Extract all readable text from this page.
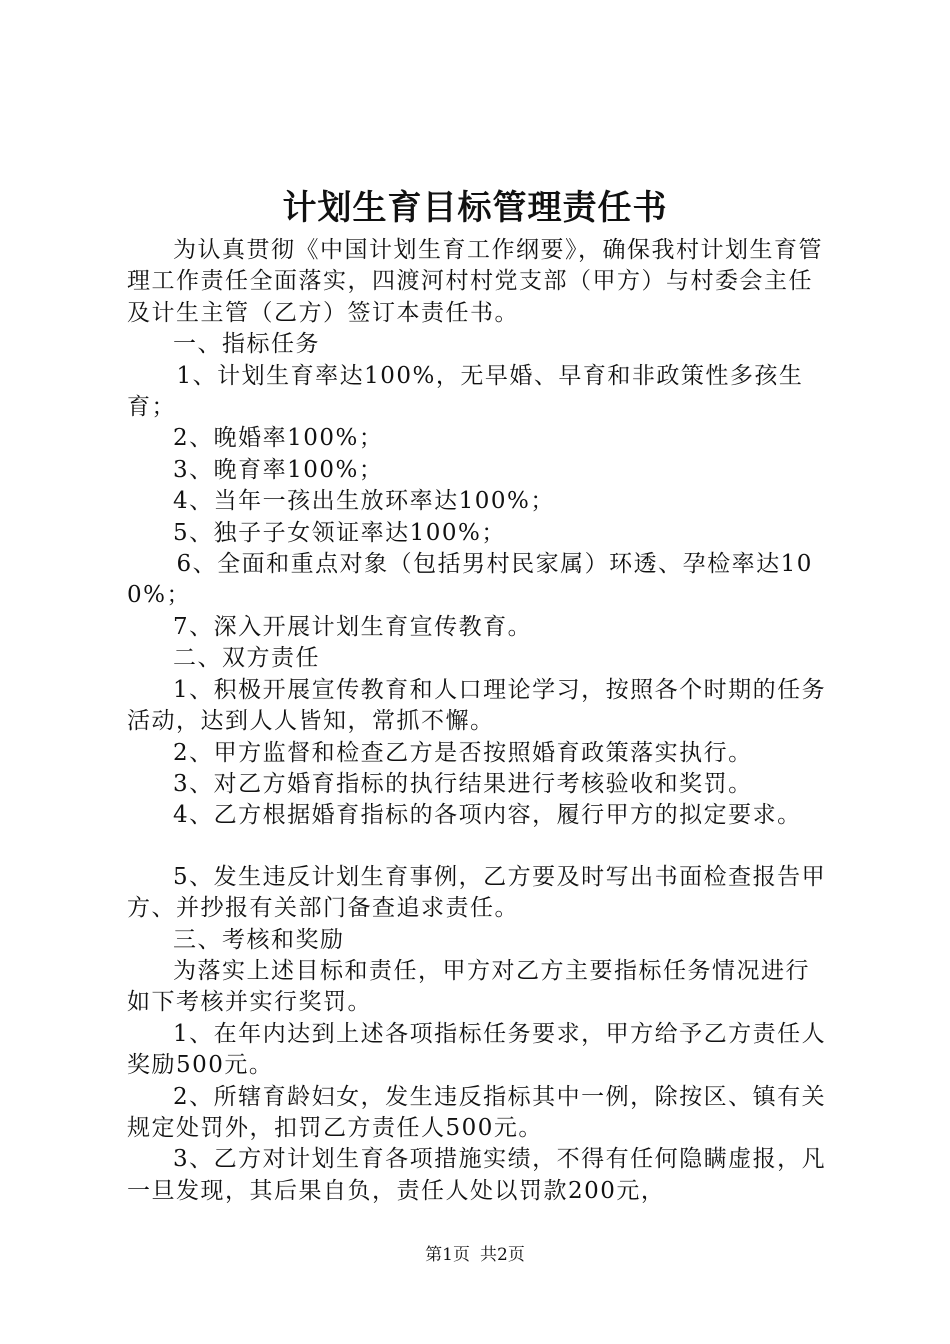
计划生育目标管理责任书

为认真贯彻《中国计划生育工作纲要》，确保我村计划生育管理工作责任全面落实，四渡河村村党支部（甲方）与村委会主任及计生主管（乙方）签订本责任书。

一、指标任务

1、计划生育率达100%，无早婚、早育和非政策性多孩生育；

2、晚婚率100%；

3、晚育率100%；

4、当年一孩出生放环率达100%；

5、独子子女领证率达100%；

6、全面和重点对象（包括男村民家属）环透、孕检率达100%；

7、深入开展计划生育宣传教育。

二、双方责任

1、积极开展宣传教育和人口理论学习，按照各个时期的任务活动，达到人人皆知，常抓不懈。

2、甲方监督和检查乙方是否按照婚育政策落实执行。

3、对乙方婚育指标的执行结果进行考核验收和奖罚。

4、乙方根据婚育指标的各项内容，履行甲方的拟定要求。

5、发生违反计划生育事例，乙方要及时写出书面检查报告甲方、并抄报有关部门备查追求责任。

三、考核和奖励

为落实上述目标和责任，甲方对乙方主要指标任务情况进行如下考核并实行奖罚。

1、在年内达到上述各项指标任务要求，甲方给予乙方责任人奖励500元。

2、所辖育龄妇女，发生违反指标其中一例，除按区、镇有关规定处罚外，扣罚乙方责任人500元。

3、乙方对计划生育各项措施实绩，不得有任何隐瞒虚报，凡一旦发现，其后果自负，责任人处以罚款200元，

第1页 共2页
